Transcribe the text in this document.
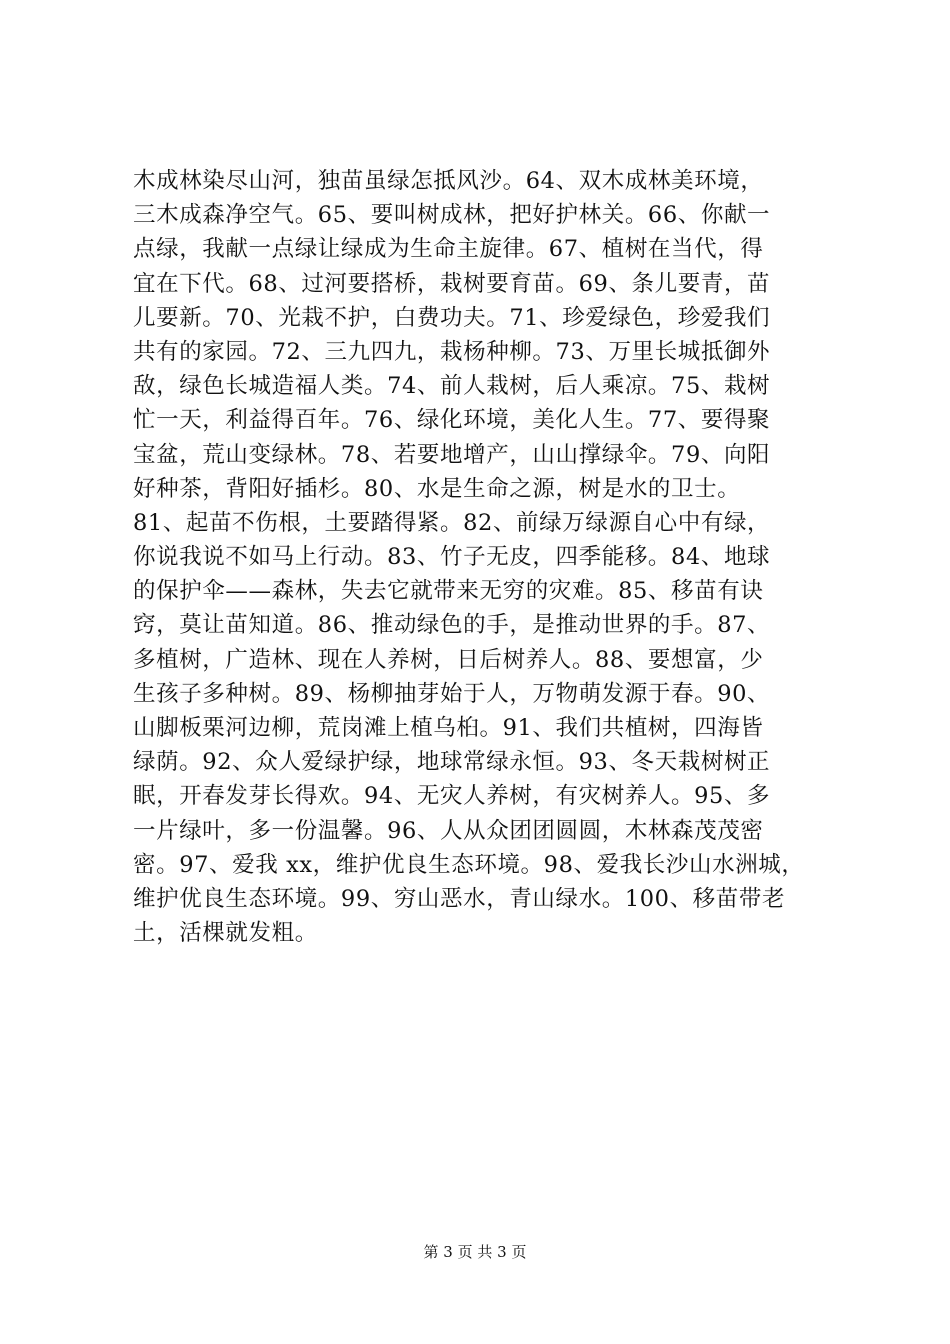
木成林染尽山河，独苗虽绿怎抵风沙。64、双木成林美环境，
三木成森净空气。65、要叫树成林，把好护林关。66、你献一
点绿，我献一点绿让绿成为生命主旋律。67、植树在当代，得
宜在下代。68、过河要搭桥，栽树要育苗。69、条儿要青，苗
儿要新。70、光栽不护，白费功夫。71、珍爱绿色，珍爱我们
共有的家园。72、三九四九，栽杨种柳。73、万里长城抵御外
敌，绿色长城造福人类。74、前人栽树，后人乘凉。75、栽树
忙一天，利益得百年。76、绿化环境，美化人生。77、要得聚
宝盆，荒山变绿林。78、若要地增产，山山撑绿伞。79、向阳
好种茶，背阳好插杉。80、水是生命之源，树是水的卫士。
81、起苗不伤根，土要踏得紧。82、前绿万绿源自心中有绿，
你说我说不如马上行动。83、竹子无皮，四季能移。84、地球
的保护伞——森林，失去它就带来无穷的灾难。85、移苗有诀
窍，莫让苗知道。86、推动绿色的手，是推动世界的手。87、
多植树，广造林、现在人养树，日后树养人。88、要想富，少
生孩子多种树。89、杨柳抽芽始于人，万物萌发源于春。90、
山脚板栗河边柳，荒岗滩上植乌桕。91、我们共植树，四海皆
绿荫。92、众人爱绿护绿，地球常绿永恒。93、冬天栽树树正
眠，开春发芽长得欢。94、无灾人养树，有灾树养人。95、多
一片绿叶，多一份温馨。96、人从众团团圆圆，木林森茂茂密
密。97、爱我 xx，维护优良生态环境。98、爱我长沙山水洲城，
维护优良生态环境。99、穷山恶水，青山绿水。100、移苗带老
土，活棵就发粗。
第 3 页 共 3 页
